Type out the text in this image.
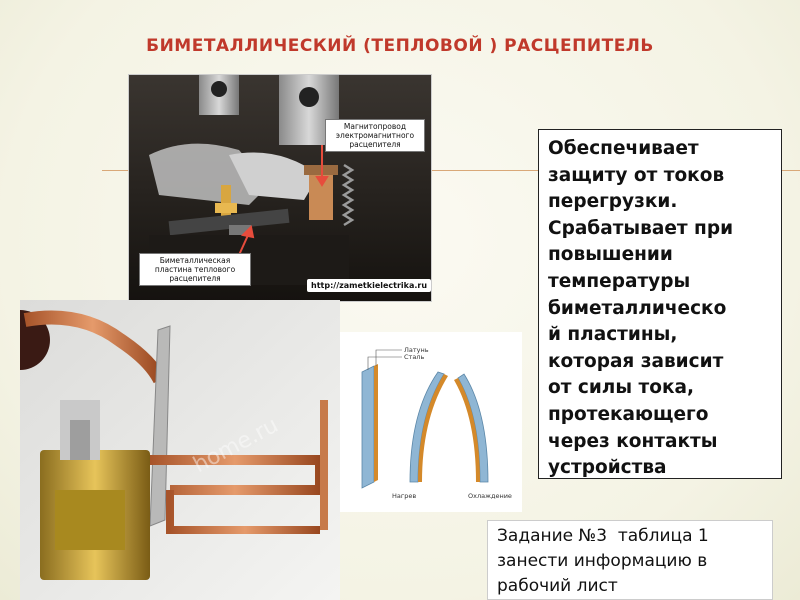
БИМЕТАЛЛИЧЕСКИЙ (ТЕПЛОВОЙ ) РАСЦЕПИТЕЛЬ
Магнитопровод электромагнитного расцепителя
Биметаллическая пластина теплового расцепителя
http://zametkielectrika.ru
home.ru
Латунь
Сталь
Нагрев	Охлаждение
Обеспечивает
защиту от токов
перегрузки.
Срабатывает при
повышении
температуры
биметаллическо
й пластины,
которая зависит
от силы тока,
протекающего
через контакты
устройства
Задание №3  таблица 1
занести информацию в
рабочий лист
